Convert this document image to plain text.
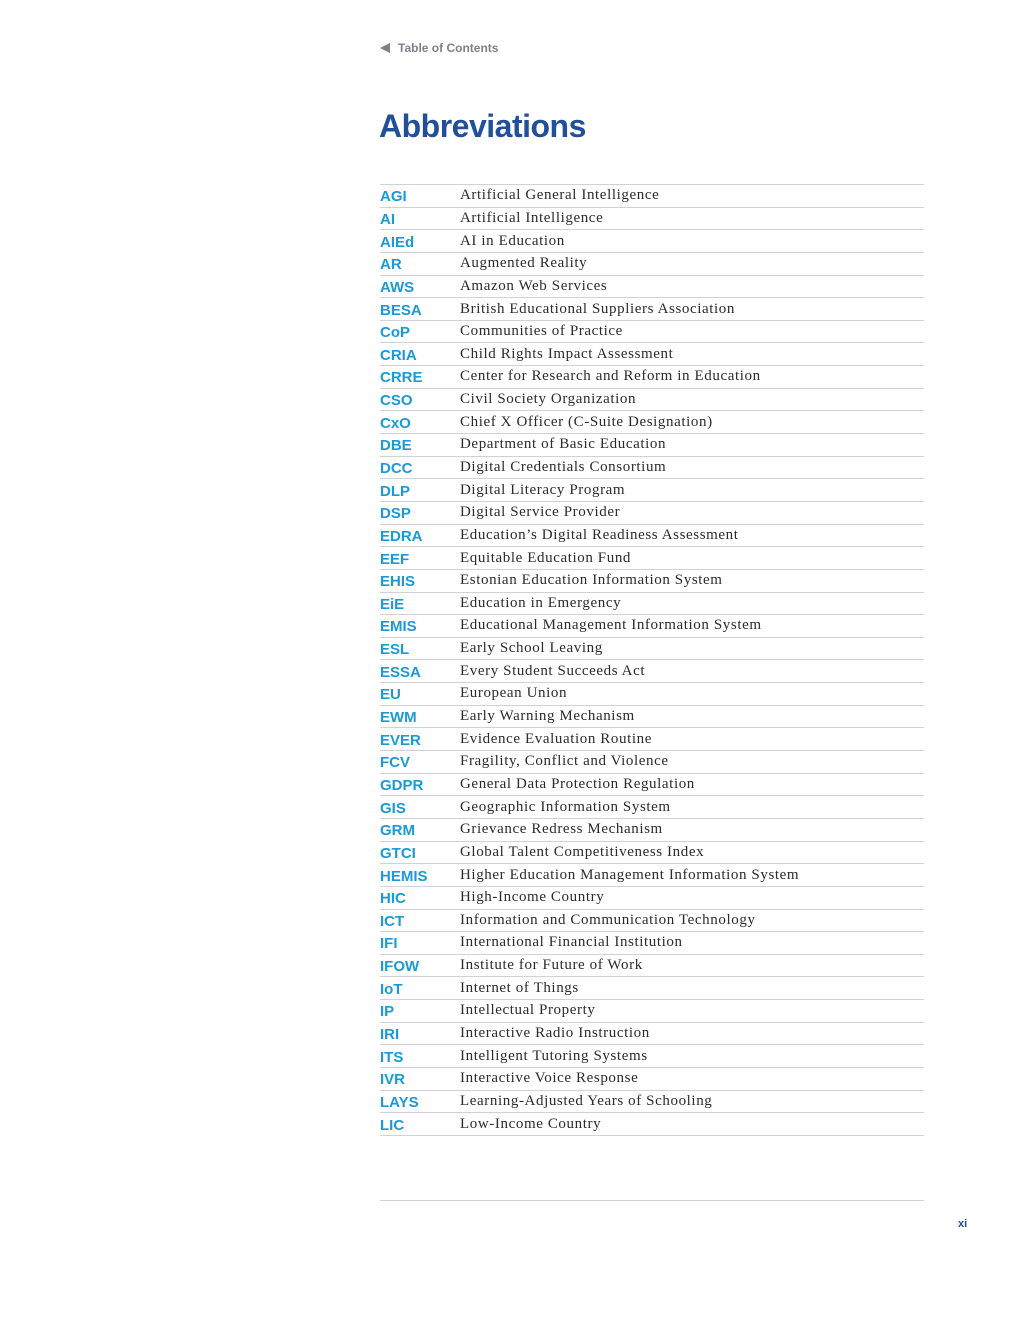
Table of Contents
Abbreviations
AGI	Artificial General Intelligence
AI	Artificial Intelligence
AIEd	AI in Education
AR	Augmented Reality
AWS	Amazon Web Services
BESA	British Educational Suppliers Association
CoP	Communities of Practice
CRIA	Child Rights Impact Assessment
CRRE	Center for Research and Reform in Education
CSO	Civil Society Organization
CxO	Chief X Officer (C-Suite Designation)
DBE	Department of Basic Education
DCC	Digital Credentials Consortium
DLP	Digital Literacy Program
DSP	Digital Service Provider
EDRA	Education’s Digital Readiness Assessment
EEF	Equitable Education Fund
EHIS	Estonian Education Information System
EiE	Education in Emergency
EMIS	Educational Management Information System
ESL	Early School Leaving
ESSA	Every Student Succeeds Act
EU	European Union
EWM	Early Warning Mechanism
EVER	Evidence Evaluation Routine
FCV	Fragility, Conflict and Violence
GDPR	General Data Protection Regulation
GIS	Geographic Information System
GRM	Grievance Redress Mechanism
GTCI	Global Talent Competitiveness Index
HEMIS	Higher Education Management Information System
HIC	High-Income Country
ICT	Information and Communication Technology
IFI	International Financial Institution
IFOW	Institute for Future of Work
IoT	Internet of Things
IP	Intellectual Property
IRI	Interactive Radio Instruction
ITS	Intelligent Tutoring Systems
IVR	Interactive Voice Response
LAYS	Learning-Adjusted Years of Schooling
LIC	Low-Income Country
xi
